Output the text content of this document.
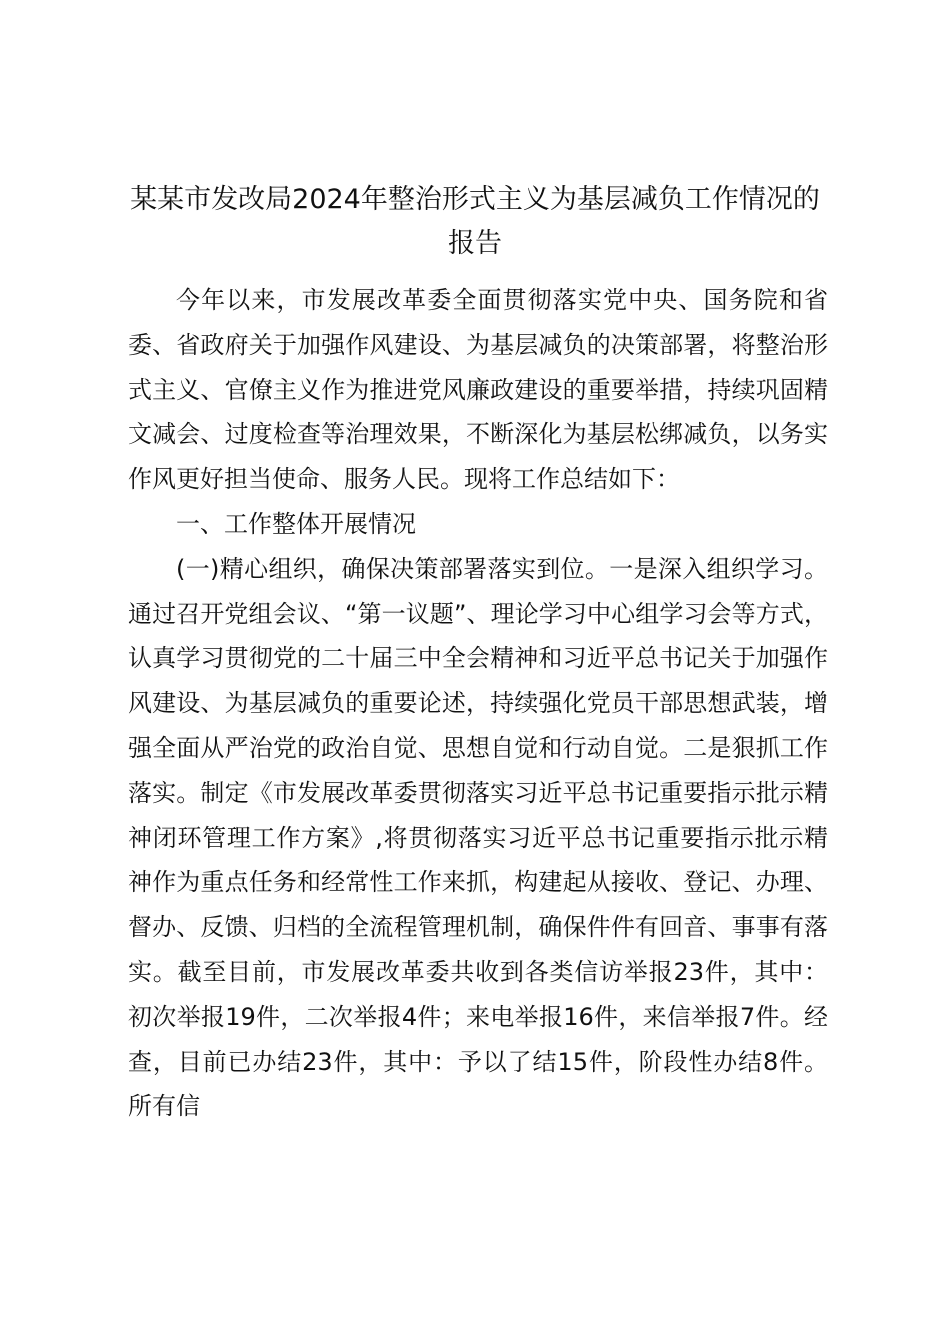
某某市发改局2024年整治形式主义为基层减负工作情况的报告

今年以来，市发展改革委全面贯彻落实党中央、国务院和省委、省政府关于加强作风建设、为基层减负的决策部署，将整治形式主义、官僚主义作为推进党风廉政建设的重要举措，持续巩固精文减会、过度检查等治理效果，不断深化为基层松绑减负，以务实作风更好担当使命、服务人民。现将工作总结如下：

一、工作整体开展情况

(一)精心组织，确保决策部署落实到位。一是深入组织学习。通过召开党组会议、“第一议题”、理论学习中心组学习会等方式，认真学习贯彻党的二十届三中全会精神和习近平总书记关于加强作风建设、为基层减负的重要论述，持续强化党员干部思想武装，增强全面从严治党的政治自觉、思想自觉和行动自觉。二是狠抓工作落实。制定《市发展改革委贯彻落实习近平总书记重要指示批示精神闭环管理工作方案》,将贯彻落实习近平总书记重要指示批示精神作为重点任务和经常性工作来抓，构建起从接收、登记、办理、督办、反馈、归档的全流程管理机制，确保件件有回音、事事有落实。截至目前，市发展改革委共收到各类信访举报23件，其中：初次举报19件，二次举报4件；来电举报16件，来信举报7件。经查，目前已办结23件，其中：予以了结15件，阶段性办结8件。所有信
